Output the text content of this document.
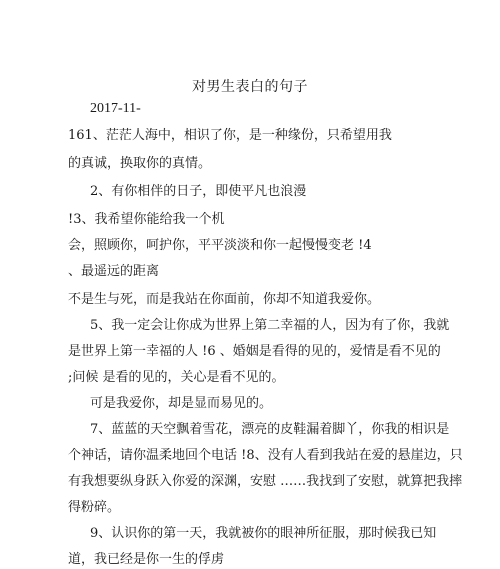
对男生表白的句子
2017-11-
161、茫茫人海中，相识了你，是一种缘份，只希望用我
的真诚，换取你的真情。
2、有你相伴的日子，即使平凡也浪漫
!3、我希望你能给我一个机
会，照顾你，呵护你，平平淡淡和你一起慢慢变老 !4
、最遥远的距离
不是生与死，而是我站在你面前，你却不知道我爱你。
5、我一定会让你成为世界上第二幸福的人，因为有了你，我就
是世界上第一幸福的人 !6 、婚姻是看得的见的，爱情是看不见的
;问候 是看的见的，关心是看不见的。
可是我爱你，却是显而易见的。
7、蓝蓝的天空飘着雪花，漂亮的皮鞋漏着脚丫，你我的相识是
个神话，请你温柔地回个电话 !8、没有人看到我站在爱的悬崖边，只
有我想要纵身跃入你爱的深渊，安慰 ……我找到了安慰，就算把我摔
得粉碎。
9、认识你的第一天，我就被你的眼神所征服，那时候我已知
道，我已经是你一生的俘虏
